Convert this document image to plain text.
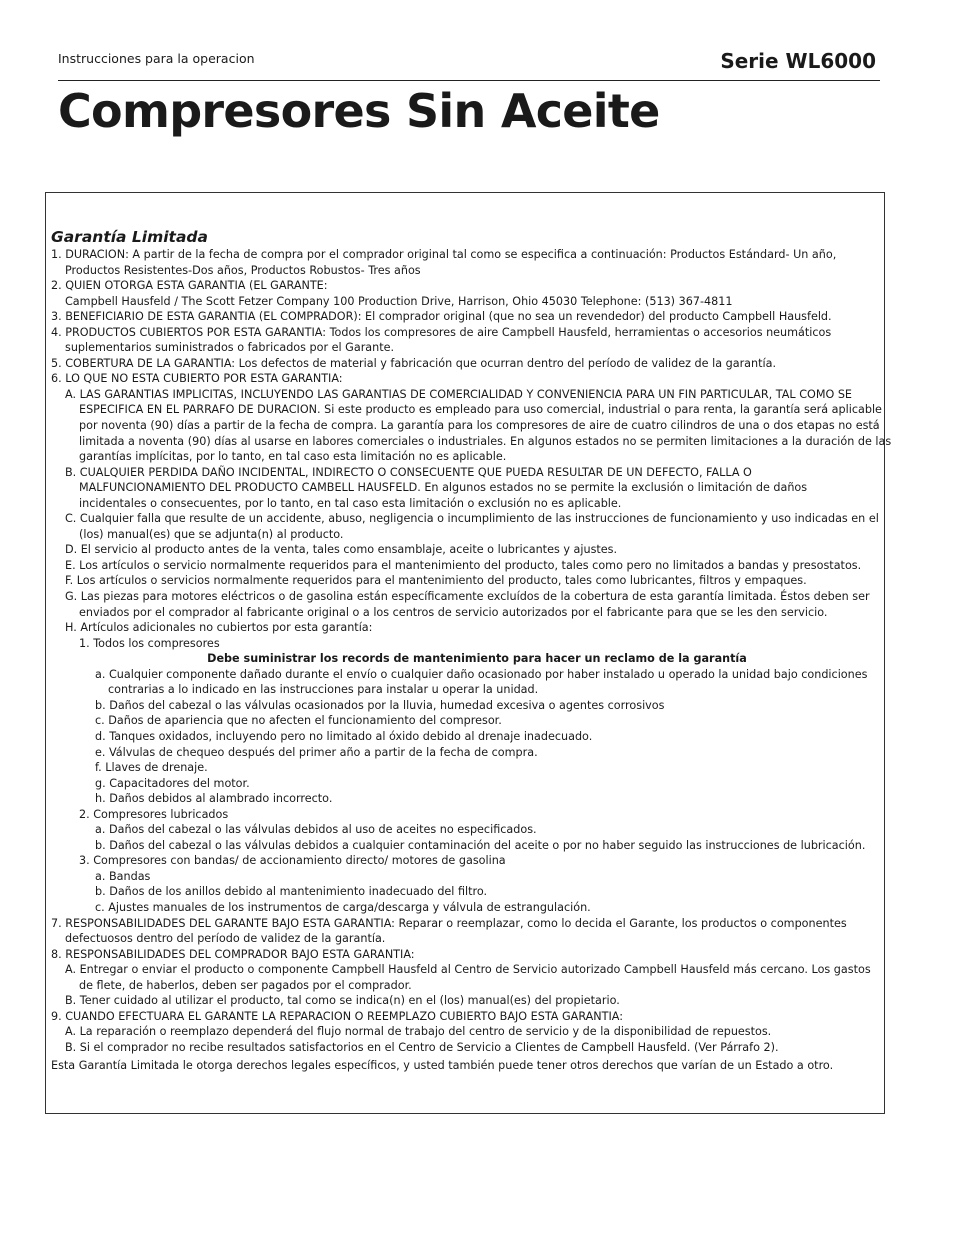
Instrucciones para la operacion	Serie WL6000
Compresores Sin Aceite
Garantía Limitada
1. DURACION: A partir de la fecha de compra por el comprador original tal como se especifica a continuación: Productos Estándard- Un año,
Productos Resistentes-Dos años, Productos Robustos- Tres años
2. QUIEN OTORGA ESTA GARANTIA (EL GARANTE:
Campbell Hausfeld / The Scott Fetzer Company 100 Production Drive, Harrison, Ohio 45030 Telephone: (513) 367-4811
3. BENEFICIARIO DE ESTA GARANTIA (EL COMPRADOR): El comprador original (que no sea un revendedor) del producto Campbell Hausfeld.
4. PRODUCTOS CUBIERTOS POR ESTA GARANTIA: Todos los compresores de aire Campbell Hausfeld, herramientas o accesorios neumáticos
suplementarios suministrados o fabricados por el Garante.
5. COBERTURA DE LA GARANTIA: Los defectos de material y fabricación que ocurran dentro del período de validez de la garantía.
6. LO QUE NO ESTA CUBIERTO POR ESTA GARANTIA:
A. LAS GARANTIAS IMPLICITAS, INCLUYENDO LAS GARANTIAS DE COMERCIALIDAD Y CONVENIENCIA PARA UN FIN PARTICULAR, TAL COMO SE
ESPECIFICA EN EL PARRAFO DE DURACION. Si este producto es empleado para uso comercial, industrial o para renta, la garantía será aplicable
por noventa (90) días a partir de la fecha de compra. La garantía para los compresores de aire de cuatro cilindros de una o dos etapas no está
limitada a noventa (90) días al usarse en labores comerciales o industriales. En algunos estados no se permiten limitaciones a la duración de las
garantías implícitas, por lo tanto, en tal caso esta limitación no es aplicable.
B. CUALQUIER PERDIDA DAÑO INCIDENTAL, INDIRECTO O CONSECUENTE QUE PUEDA RESULTAR DE UN DEFECTO, FALLA O
MALFUNCIONAMIENTO DEL PRODUCTO CAMBELL HAUSFELD. En algunos estados no se permite la exclusión o limitación de daños
incidentales o consecuentes, por lo tanto, en tal caso esta limitación o exclusión no es aplicable.
C. Cualquier falla que resulte de un accidente, abuso, negligencia o incumplimiento de las instrucciones de funcionamiento y uso indicadas en el
(los) manual(es) que se adjunta(n) al producto.
D. El servicio al producto antes de la venta, tales como ensamblaje, aceite o lubricantes y ajustes.
E. Los artículos o servicio normalmente requeridos para el mantenimiento del producto, tales como pero no limitados a bandas y presostatos.
F. Los artículos o servicios normalmente requeridos para el mantenimiento del producto, tales como lubricantes, filtros y empaques.
G. Las piezas para motores eléctricos o de gasolina están específicamente excluídos de la cobertura de esta garantía limitada. Éstos deben ser
enviados por el comprador al fabricante original o a los centros de servicio autorizados por el fabricante para que se les den servicio.
H. Artículos adicionales no cubiertos por esta garantía:
1. Todos los compresores
Debe suministrar los records de mantenimiento para hacer un reclamo de la garantía
a. Cualquier componente dañado durante el envío o cualquier daño ocasionado por haber instalado u operado la unidad bajo condiciones
contrarias a lo indicado en las instrucciones para instalar u operar la unidad.
b. Daños del cabezal o las válvulas ocasionados por la lluvia, humedad excesiva o agentes corrosivos
c. Daños de apariencia que no afecten el funcionamiento del compresor.
d. Tanques oxidados, incluyendo pero no limitado al óxido debido al drenaje inadecuado.
e. Válvulas de chequeo después del primer año a partir de la fecha de compra.
f. Llaves de drenaje.
g. Capacitadores del motor.
h. Daños debidos al alambrado incorrecto.
2. Compresores lubricados
a. Daños del cabezal o las válvulas debidos al uso de aceites no especificados.
b. Daños del cabezal o las válvulas debidos a cualquier contaminación del aceite o por no haber seguido las instrucciones de lubricación.
3. Compresores con bandas/ de accionamiento directo/ motores de gasolina
a. Bandas
b. Daños de los anillos debido al mantenimiento inadecuado del filtro.
c. Ajustes manuales de los instrumentos de carga/descarga y válvula de estrangulación.
7. RESPONSABILIDADES DEL GARANTE BAJO ESTA GARANTIA: Reparar o reemplazar, como lo decida el Garante, los productos o componentes
defectuosos dentro del período de validez de la garantía.
8. RESPONSABILIDADES DEL COMPRADOR BAJO ESTA GARANTIA:
A. Entregar o enviar el producto o componente Campbell Hausfeld al Centro de Servicio autorizado Campbell Hausfeld más cercano. Los gastos
de flete, de haberlos, deben ser pagados por el comprador.
B. Tener cuidado al utilizar el producto, tal como se indica(n) en el (los) manual(es) del propietario.
9. CUANDO EFECTUARA EL GARANTE LA REPARACION O REEMPLAZO CUBIERTO BAJO ESTA GARANTIA:
A. La reparación o reemplazo dependerá del flujo normal de trabajo del centro de servicio y de la disponibilidad de repuestos.
B. Si el comprador no recibe resultados satisfactorios en el Centro de Servicio a Clientes de Campbell Hausfeld. (Ver Párrafo 2).
Esta Garantía Limitada le otorga derechos legales específicos, y usted también puede tener otros derechos que varían de un Estado a otro.
